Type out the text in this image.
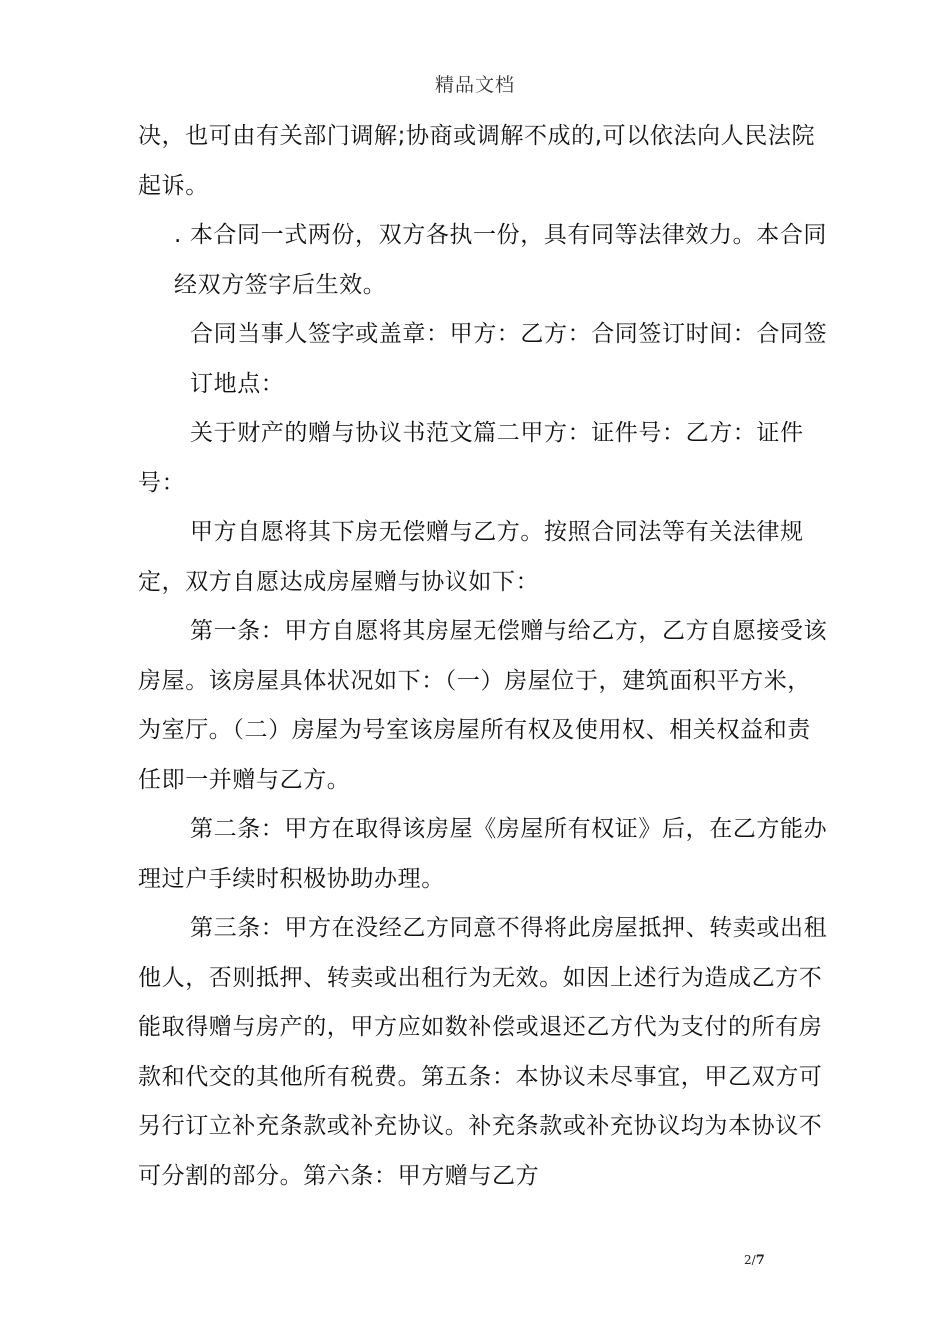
精品文档

决，也可由有关部门调解;协商或调解不成的,可以依法向人民法院起诉。

. 本合同一式两份，双方各执一份，具有同等法律效力。本合同经双方签字后生效。

合同当事人签字或盖章：甲方：乙方：合同签订时间：合同签订地点：

关于财产的赠与协议书范文篇二甲方：证件号：乙方：证件号：

甲方自愿将其下房无偿赠与乙方。按照合同法等有关法律规定，双方自愿达成房屋赠与协议如下：

第一条：甲方自愿将其房屋无偿赠与给乙方，乙方自愿接受该房屋。该房屋具体状况如下：（一）房屋位于，建筑面积平方米，为室厅。（二）房屋为号室该房屋所有权及使用权、相关权益和责任即一并赠与乙方。

第二条：甲方在取得该房屋《房屋所有权证》后，在乙方能办理过户手续时积极协助办理。

第三条：甲方在没经乙方同意不得将此房屋抵押、转卖或出租他人，否则抵押、转卖或出租行为无效。如因上述行为造成乙方不能取得赠与房产的，甲方应如数补偿或退还乙方代为支付的所有房款和代交的其他所有税费。第五条：本协议未尽事宜，甲乙双方可另行订立补充条款或补充协议。补充条款或补充协议均为本协议不可分割的部分。第六条：甲方赠与乙方

2/7
